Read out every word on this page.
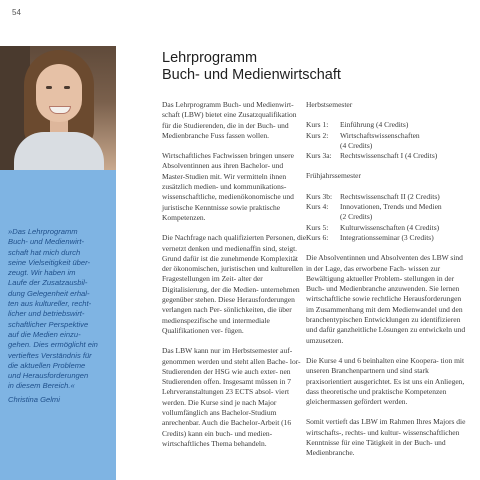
54

»Das Lehrprogramm
Buch- und Medienwirt-
schaft hat mich durch
seine Vielseitigkeit über-
zeugt. Wir haben im
Laufe der Zusatzausbil-
dung Gelegenheit erhal-
ten aus kultureller, recht-
licher und betriebswirt-
schaftlicher Perspektive
auf die Medien einzu-
gehen. Dies ermöglicht ein
vertieftes Verständnis für
die aktuellen Probleme
und Herausforderungen
in diesem Bereich.«

Christina Gelmi
Lehrprogramm
Buch- und Medienwirtschaft

Das Lehrprogramm Buch- und Medienwirt- schaft (LBW) bietet eine Zusatzqualifikation für die Studierenden, die in der Buch- und Medienbranche Fuss fassen wollen.

Wirtschaftliches Fachwissen bringen unsere Absolventinnen aus ihren Bachelor- und Master-Studien mit. Wir vermitteln ihnen zusätzlich medien- und kommunikations- wissenschaftliche, medienökonomische und juristische Kenntnisse sowie praktische Kompetenzen.

Die Nachfrage nach qualifizierten Personen, die vernetzt denken und medienaffin sind, steigt. Grund dafür ist die zunehmende Komplexität der ökonomischen, juristischen und kulturellen Fragestellungen im Zeit- alter der Digitalisierung, der die Medien- unternehmen gegenüber stehen. Diese Herausforderungen verlangen nach Per- sönlichkeiten, die über medienspezifische und intermediale Qualifikationen ver- fügen.

Das LBW kann nur im Herbstsemester auf- genommen werden und steht allen Bache- lor-Studierenden der HSG wie auch exter- nen Studierenden offen. Insgesamt müssen in 7 Lehrveranstaltungen 23 ECTS absol- viert werden. Die Kurse sind je nach Major vollumfänglich ans Bachelor-Studium anrechenbar. Auch die Bachelor-Arbeit (16 Credits) kann ein buch- und medien- wirtschaftliches Thema behandeln.

Herbstsemester

Kurs 1:	Einführung (4 Credits)
Kurs 2:	Wirtschaftswissenschaften
(4 Credits)
Kurs 3a:	Rechtswissenschaft I (4 Credits)

Frühjahrssemester

Kurs 3b:	Rechtswissenschaft II (2 Credits)
Kurs 4:	Innovationen, Trends und Medien
(2 Credits)
Kurs 5:	Kulturwissenschaften (4 Credits)
Kurs 6:	Integrationsseminar (3 Credits)

Die Absolventinnen und Absolventen des LBW sind in der Lage, das erworbene Fach- wissen zur Bewältigung aktueller Problem- stellungen in der Buch- und Medienbranche anzuwenden. Sie lernen wirtschaftliche sowie rechtliche Herausforderungen im Zusammenhang mit dem Medienwandel und den branchentypischen Entwicklungen zu identifizieren und dafür ganzheitliche Lösungen zu entwickeln und umzusetzen.

Die Kurse 4 und 6 beinhalten eine Koopera- tion mit unseren Branchenpartnern und sind stark praxisorientiert ausgerichtet. Es ist uns ein Anliegen, dass theoretische und praktische Kompetenzen gleichermassen gefördert werden.

Somit vertieft das LBW im Rahmen Ihres Majors die wirtschafts-, rechts- und kultur- wissenschaftlichen Kenntnisse für eine Tätigkeit in der Buch- und Medienbranche.
